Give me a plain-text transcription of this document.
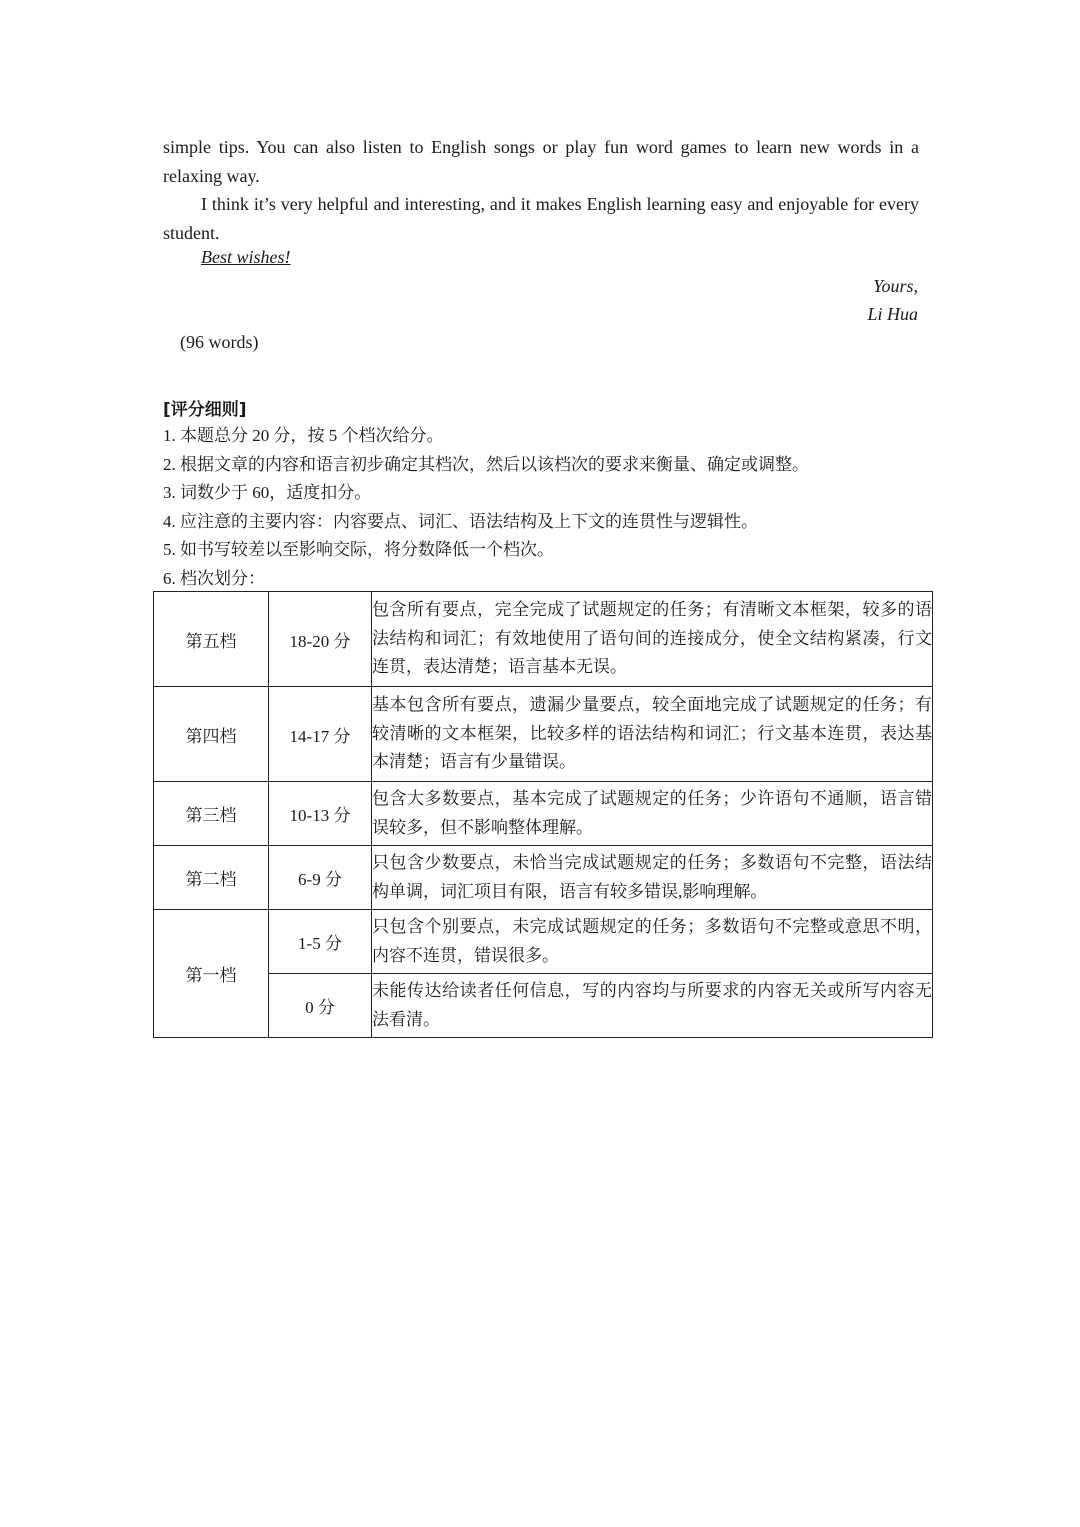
simple tips. You can also listen to English songs or play fun word games to learn new words in a relaxing way.
I think it’s very helpful and interesting, and it makes English learning easy and enjoyable for every student.
Best wishes!
Yours,
Li Hua
(96 words)
[评分细则]
1. 本题总分 20 分，按 5 个档次给分。
2. 根据文章的内容和语言初步确定其档次，然后以该档次的要求来衡量、确定或调整。
3. 词数少于 60，适度扣分。
4. 应注意的主要内容：内容要点、词汇、语法结构及上下文的连贯性与逻辑性。
5. 如书写较差以至影响交际，将分数降低一个档次。
6. 档次划分：
第五档	18-20 分	包含所有要点，完全完成了试题规定的任务；有清晰文本框架，较多的语法结构和词汇；有效地使用了语句间的连接成分，使全文结构紧凑，行文连贯，表达清楚；语言基本无误。
第四档	14-17 分	基本包含所有要点，遗漏少量要点，较全面地完成了试题规定的任务；有较清晰的文本框架，比较多样的语法结构和词汇；行文基本连贯，表达基本清楚；语言有少量错误。
第三档	10-13 分	包含大多数要点，基本完成了试题规定的任务；少许语句不通顺，语言错误较多，但不影响整体理解。
第二档	6-9 分	只包含少数要点，未恰当完成试题规定的任务；多数语句不完整，语法结构单调，词汇项目有限，语言有较多错误,影响理解。
第一档	1-5 分	只包含个别要点，未完成试题规定的任务；多数语句不完整或意思不明，内容不连贯，错误很多。
	0 分	未能传达给读者任何信息，写的内容均与所要求的内容无关或所写内容无法看清。
